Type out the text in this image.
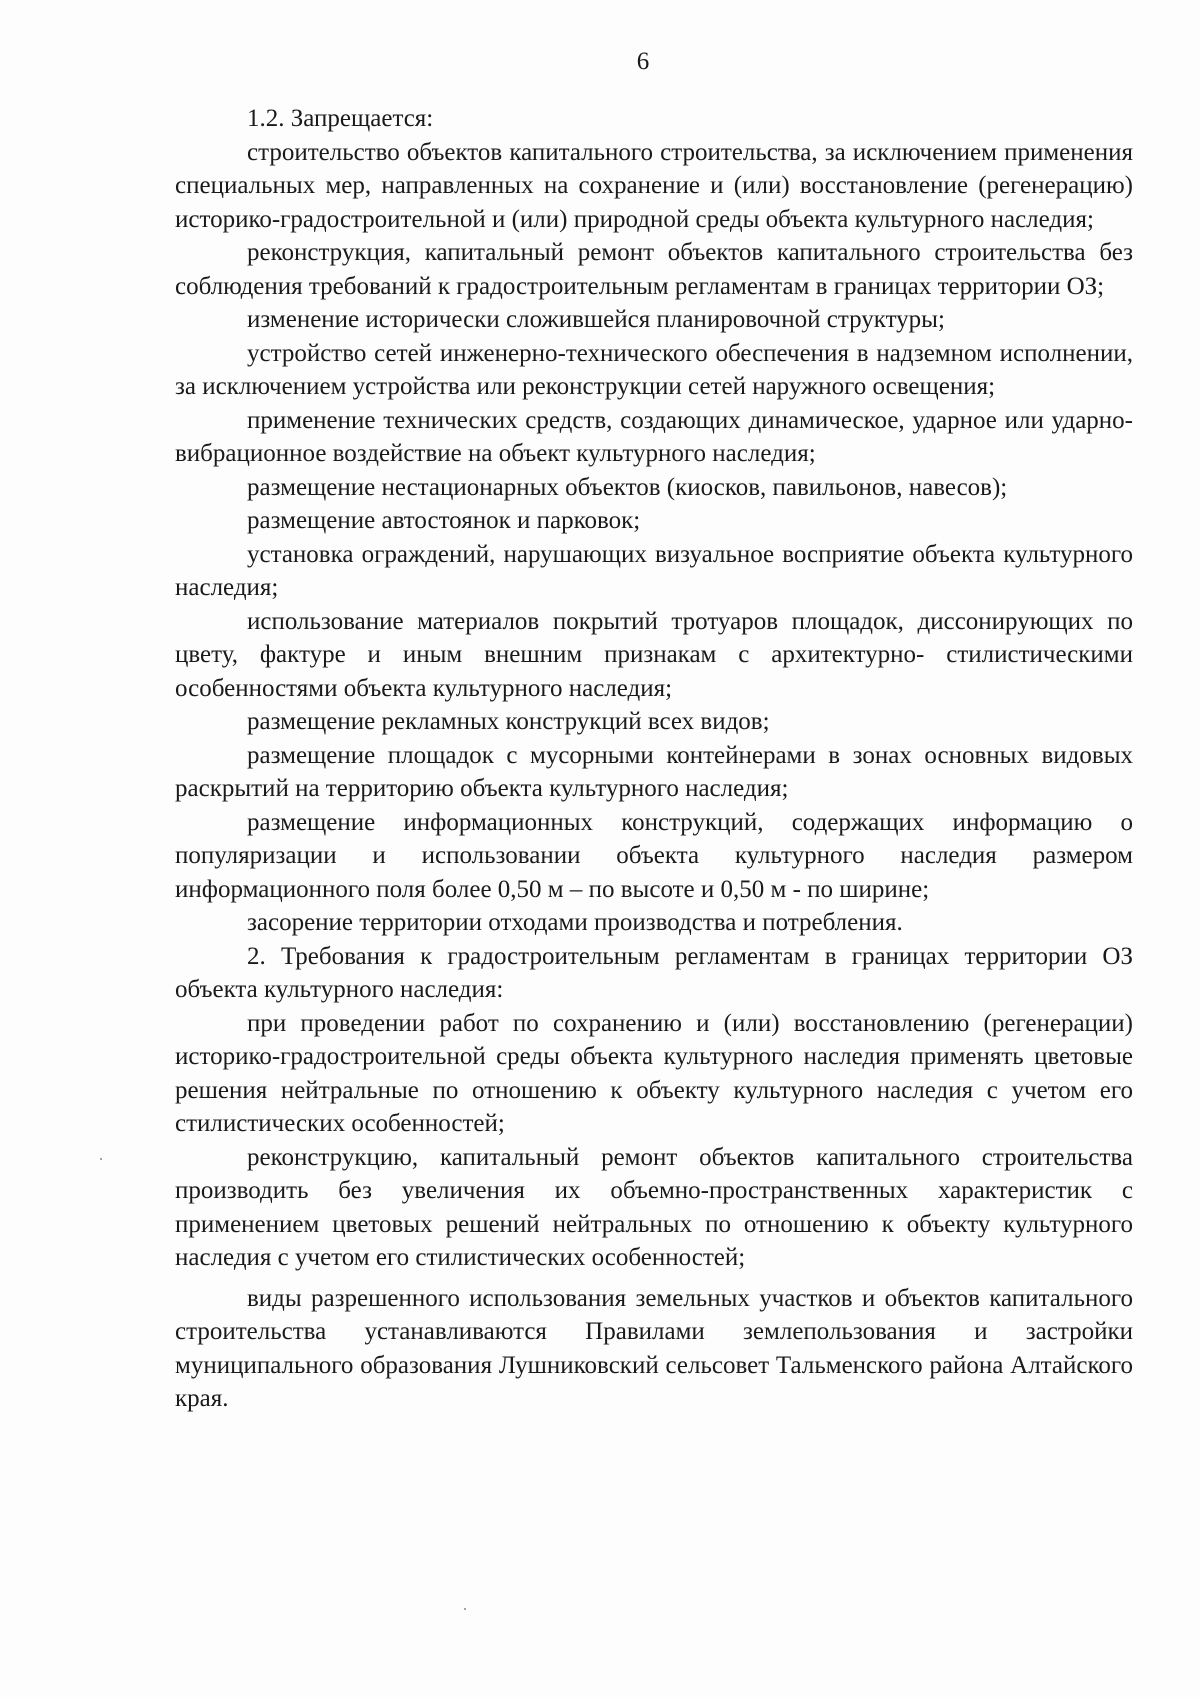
6

1.2. Запрещается:

строительство объектов капитального строительства, за исключением применения специальных мер, направленных на сохранение и (или) восстановление (регенерацию) историко-градостроительной и (или) природной среды объекта культурного наследия;

реконструкция, капитальный ремонт объектов капитального строительства без соблюдения требований к градостроительным регламентам в границах территории ОЗ;

изменение исторически сложившейся планировочной структуры;

устройство сетей инженерно-технического обеспечения в надземном исполнении, за исключением устройства или реконструкции сетей наружного освещения;

применение технических средств, создающих динамическое, ударное или ударно-вибрационное воздействие на объект культурного наследия;

размещение нестационарных объектов (киосков, павильонов, навесов);

размещение автостоянок и парковок;

установка ограждений, нарушающих визуальное восприятие объекта культурного наследия;

использование материалов покрытий тротуаров площадок, диссонирующих по цвету, фактуре и иным внешним признакам с архитектурно- стилистическими особенностями объекта культурного наследия;

размещение рекламных конструкций всех видов;

размещение площадок с мусорными контейнерами в зонах основных видовых раскрытий на территорию объекта культурного наследия;

размещение информационных конструкций, содержащих информацию о популяризации и использовании объекта культурного наследия размером информационного поля более 0,50 м – по высоте и 0,50 м - по ширине;

засорение территории отходами производства и потребления.

2. Требования к градостроительным регламентам в границах территории ОЗ объекта культурного наследия:

при проведении работ по сохранению и (или) восстановлению (регенерации) историко-градостроительной среды объекта культурного наследия применять цветовые решения нейтральные по отношению к объекту культурного наследия с учетом его стилистических особенностей;

реконструкцию, капитальный ремонт объектов капитального строительства производить без увеличения их объемно-пространственных характеристик с применением цветовых решений нейтральных по отношению к объекту культурного наследия с учетом его стилистических особенностей;

виды разрешенного использования земельных участков и объектов капитального строительства устанавливаются Правилами землепользования и застройки муниципального образования Лушниковский сельсовет Тальменского района Алтайского края.
